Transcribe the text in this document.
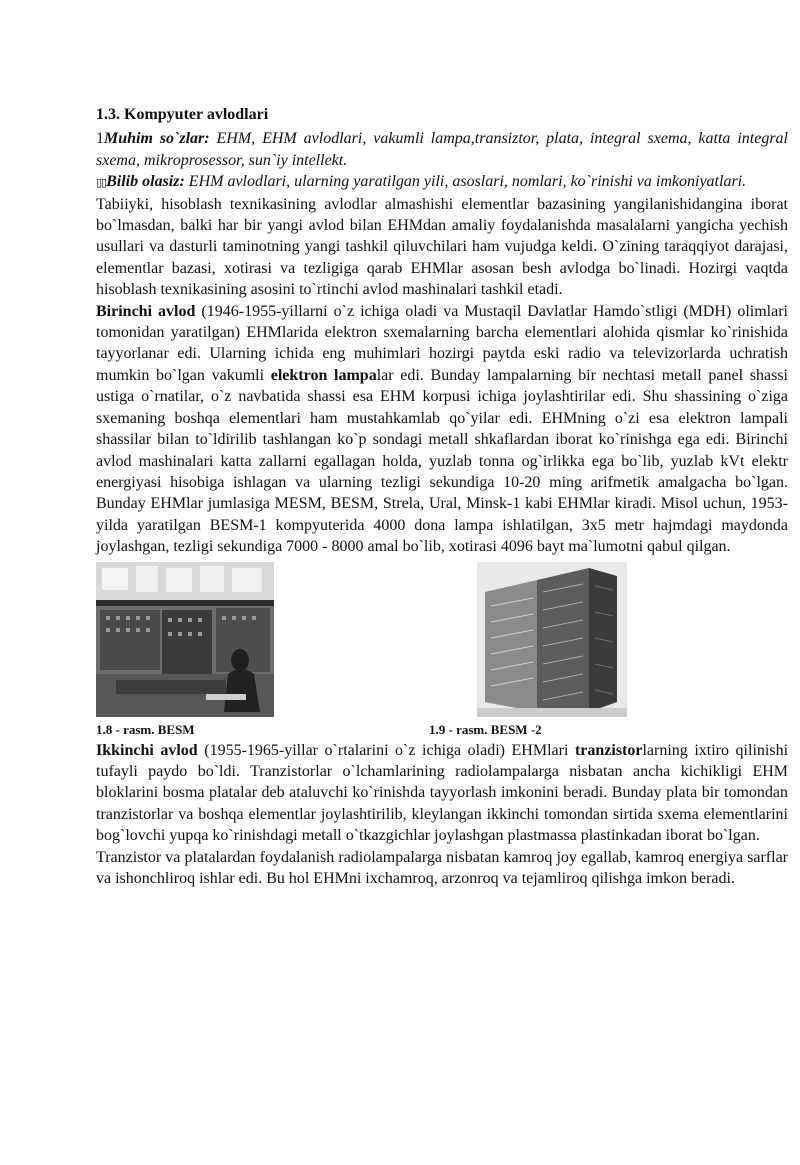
1.3. Kompyuter avlodlari

1Muhim so`zlar: EHM, EHM avlodlari, vakumli lampa,transiztor, plata, integral sxema, katta integral sxema, mikroprosessor, sun`iy intellekt.

▯▯Bilib olasiz: EHM avlodlari, ularning yaratilgan yili, asoslari, nomlari, ko`rinishi va imkoniyatlari.

Tabiiyki, hisoblash texnikasining avlodlar almashishi elementlar bazasining yangilanishidangina iborat bo`lmasdan, balki har bir yangi avlod bilan EHMdan amaliy foydalanishda masalalarni yangicha yechish usullari va dasturli taminotning yangi tashkil qiluvchilari ham vujudga keldi. O`zining taraqqiyot darajasi, elementlar bazasi, xotirasi va tezligiga qarab EHMlar asosan besh avlodga bo`linadi. Hozirgi vaqtda hisoblash texnikasining asosini to`rtinchi avlod mashinalari tashkil etadi.

Birinchi avlod (1946-1955-yillarni o`z ichiga oladi va Mustaqil Davlatlar Hamdo`stligi (MDH) olimlari tomonidan yaratilgan) EHMlarida elektron sxemalarning barcha elementlari alohida qismlar ko`rinishida tayyorlanar edi. Ularning ichida eng muhimlari hozirgi paytda eski radio va televizorlarda uchratish mumkin bo`lgan vakumli elektron lampalar edi. Bunday lampalarning bir nechtasi metall panel shassi ustiga o`rnatilar, o`z navbatida shassi esa EHM korpusi ichiga joylashtirilar edi. Shu shassining o`ziga sxemaning boshqa elementlari ham mustahkamlab qo`yilar edi. EHMning o`zi esa elektron lampali shassilar bilan to`ldirilib tashlangan ko`p sondagi metall shkaflardan iborat ko`rinishga ega edi. Birinchi avlod mashinalari katta zallarni egallagan holda, yuzlab tonna og`irlikka ega bo`lib, yuzlab kVt elektr energiyasi hisobiga ishlagan va ularning tezligi sekundiga 10-20 ming arifmetik amalgacha bo`lgan. Bunday EHMlar jumlasiga MESM, BESM, Strela, Ural, Minsk-1 kabi EHMlar kiradi. Misol uchun, 1953-yilda yaratilgan BESM-1 kompyuterida 4000 dona lampa ishlatilgan, 3x5 metr hajmdagi maydonda joylashgan, tezligi sekundiga 7000 - 8000 amal bo`lib, xotirasi 4096 bayt ma`lumotni qabul qilgan.

1.8 - rasm. BESM	1.9 - rasm. BESM -2

Ikkinchi avlod (1955-1965-yillar o`rtalarini o`z ichiga oladi) EHMlari tranzistorlarning ixtiro qilinishi tufayli paydo bo`ldi. Tranzistorlar o`lchamlarining radiolampalarga nisbatan ancha kichikligi EHM bloklarini bosma platalar deb ataluvchi ko`rinishda tayyorlash imkonini beradi. Bunday plata bir tomondan tranzistorlar va boshqa elementlar joylashtirilib, kleylangan ikkinchi tomondan sirtida sxema elementlarini bog`lovchi yupqa ko`rinishdagi metall o`tkazgichlar joylashgan plastmassa plastinkadan iborat bo`lgan.

Tranzistor va platalardan foydalanish radiolampalarga nisbatan kamroq joy egallab, kamroq energiya sarflar va ishonchliroq ishlar edi. Bu hol EHMni ixchamroq, arzonroq va tejamliroq qilishga imkon beradi.
